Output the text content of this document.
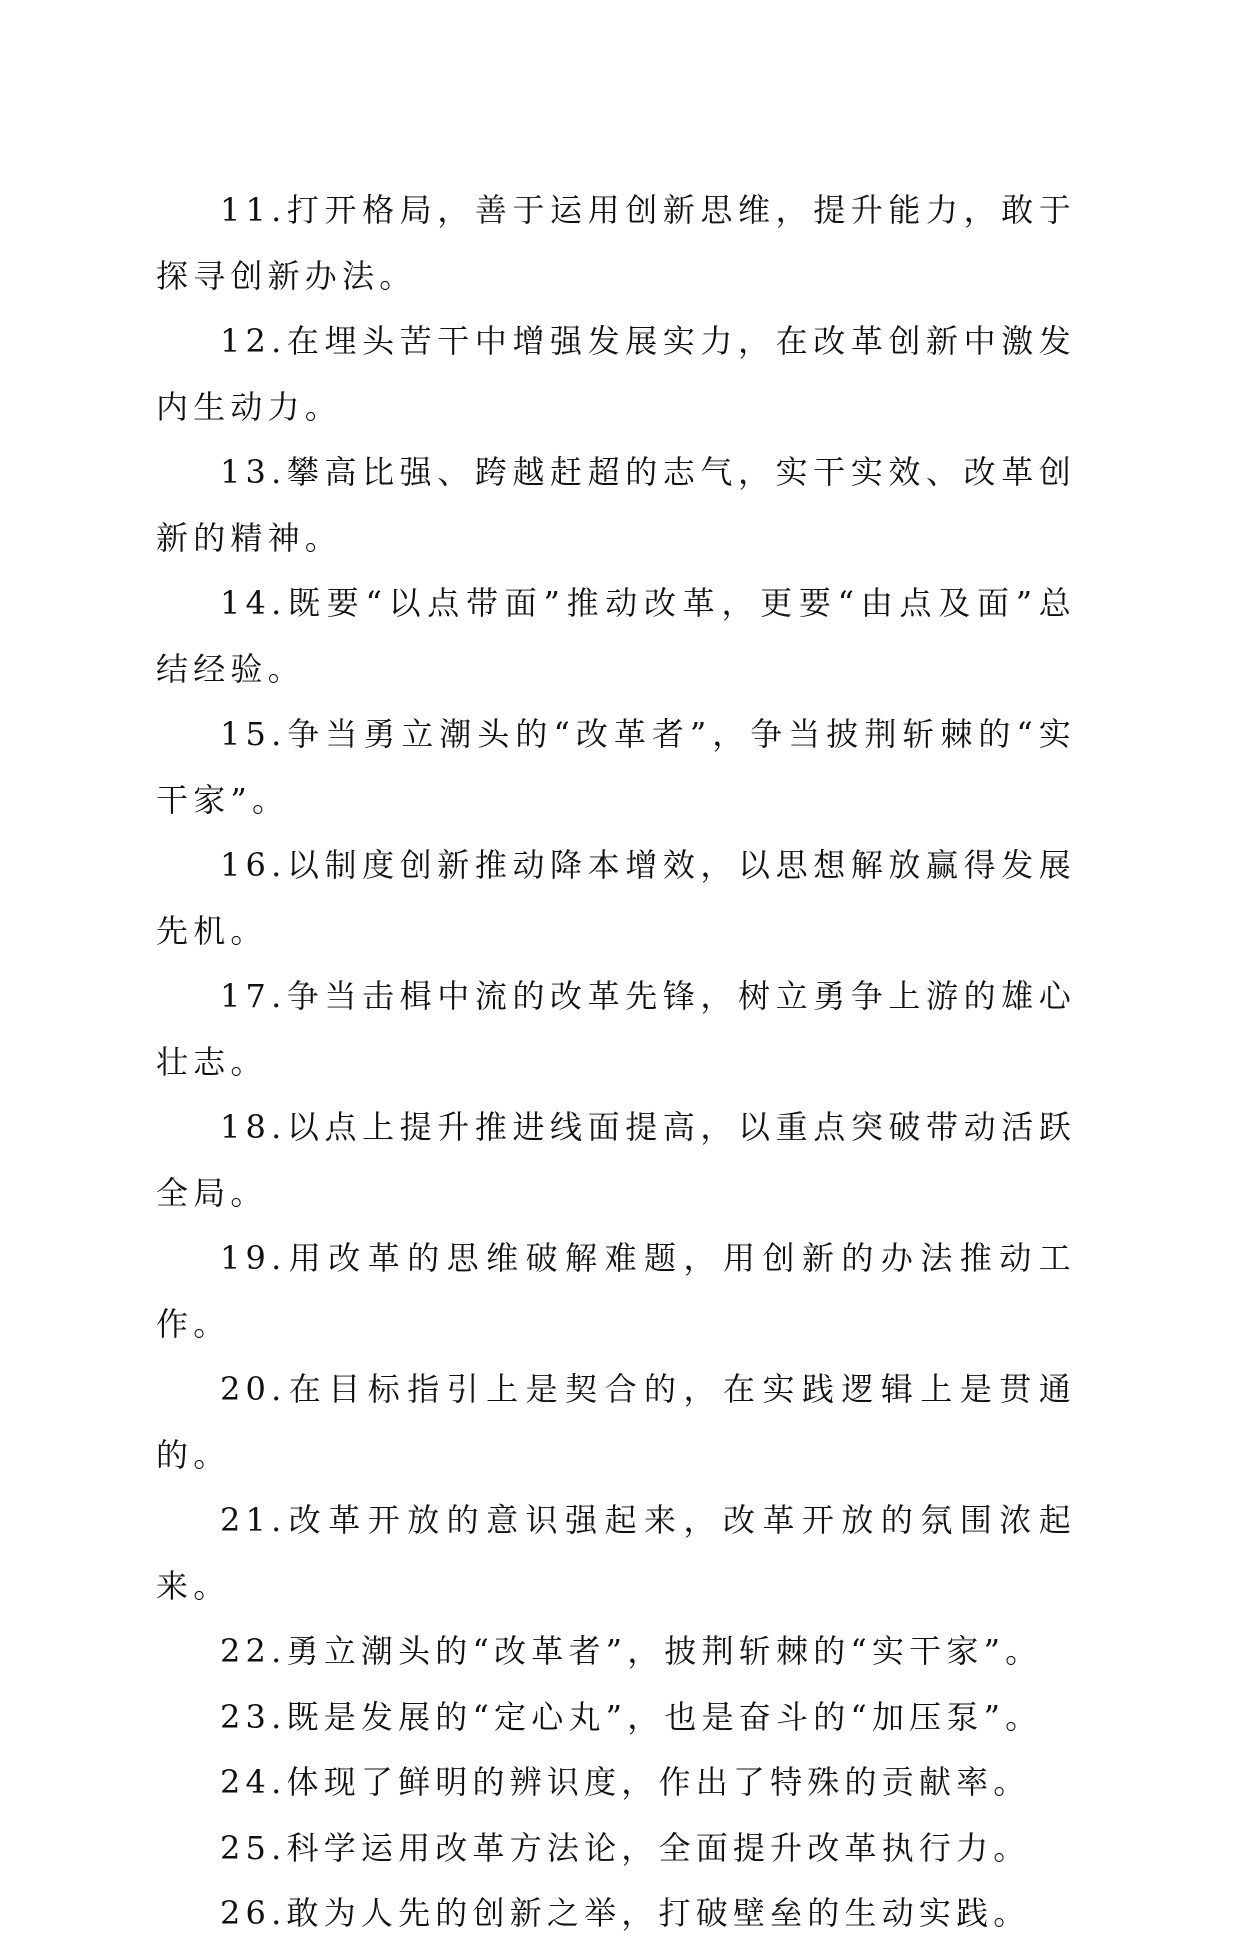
11.打开格局，善于运用创新思维，提升能力，敢于探寻创新办法。

12.在埋头苦干中增强发展实力，在改革创新中激发内生动力。

13.攀高比强、跨越赶超的志气，实干实效、改革创新的精神。

14.既要“以点带面”推动改革，更要“由点及面”总结经验。

15.争当勇立潮头的“改革者”，争当披荆斩棘的“实干家”。

16.以制度创新推动降本增效，以思想解放赢得发展先机。

17.争当击楫中流的改革先锋，树立勇争上游的雄心壮志。

18.以点上提升推进线面提高，以重点突破带动活跃全局。

19.用改革的思维破解难题，用创新的办法推动工作。

20.在目标指引上是契合的，在实践逻辑上是贯通的。

21.改革开放的意识强起来，改革开放的氛围浓起来。

22.勇立潮头的“改革者”，披荆斩棘的“实干家”。

23.既是发展的“定心丸”，也是奋斗的“加压泵”。

24.体现了鲜明的辨识度，作出了特殊的贡献率。

25.科学运用改革方法论，全面提升改革执行力。

26.敢为人先的创新之举，打破壁垒的生动实践。
